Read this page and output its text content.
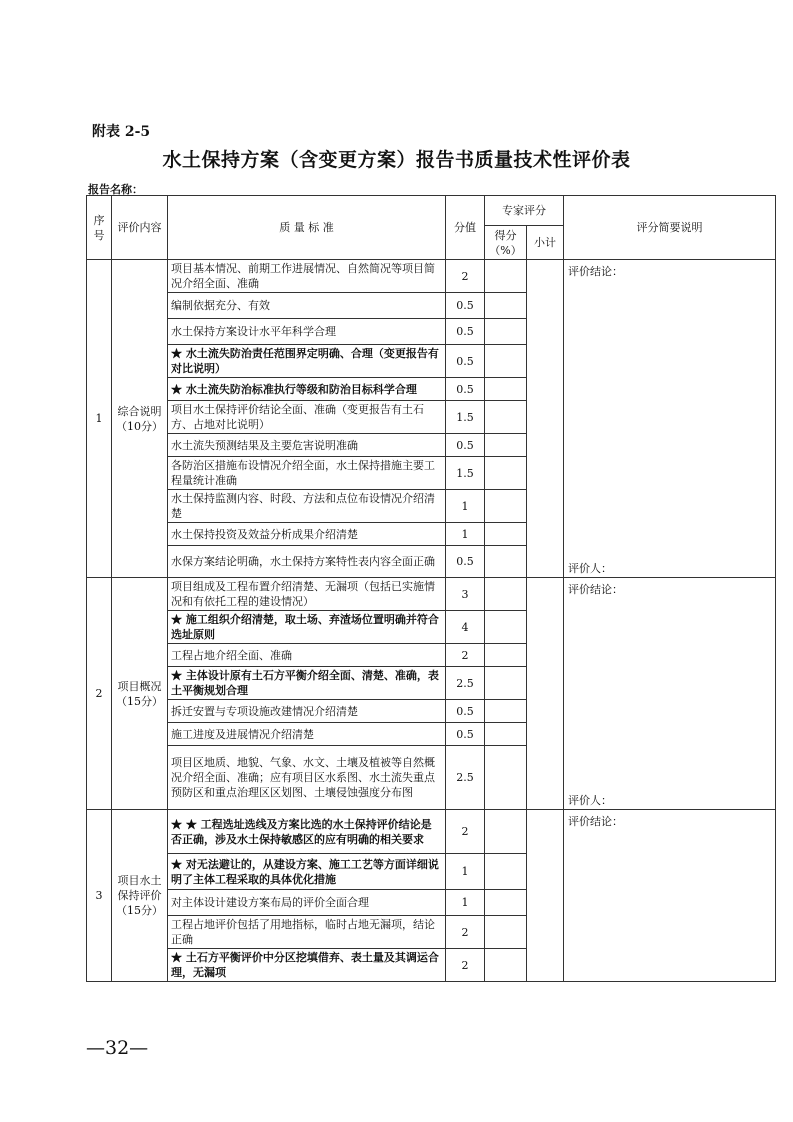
附表 2-5
水土保持方案（含变更方案）报告书质量技术性评价表
报告名称：
序号	评价内容	质 量 标 准	分值	专家评分		评分简要说明
				得分（%）	小计	
1	综合说明（10分）	项目基本情况、前期工作进展情况、自然简况等项目简况介绍全面、准确	2			评价结论：
评价人：

		编制依据充分、有效	0.5			
		水土保持方案设计水平年科学合理	0.5			
		★ 水土流失防治责任范围界定明确、合理（变更报告有对比说明）	0.5			
		★ 水土流失防治标准执行等级和防治目标科学合理	0.5			
		项目水土保持评价结论全面、准确（变更报告有土石方、占地对比说明）	1.5			
		水土流失预测结果及主要危害说明准确	0.5			
		各防治区措施布设情况介绍全面，水土保持措施主要工程量统计准确	1.5			
		水土保持监测内容、时段、方法和点位布设情况介绍清楚	1			
		水土保持投资及效益分析成果介绍清楚	1			
		水保方案结论明确，水土保持方案特性表内容全面正确	0.5			
2	项目概况（15分）	项目组成及工程布置介绍清楚、无漏项（包括已实施情况和有依托工程的建设情况）	3			评价结论：
评价人：

		★ 施工组织介绍清楚，取土场、弃渣场位置明确并符合选址原则	4			
		工程占地介绍全面、准确	2			
		★ 主体设计原有土石方平衡介绍全面、清楚、准确，表土平衡规划合理	2.5			
		拆迁安置与专项设施改建情况介绍清楚	0.5			
		施工进度及进展情况介绍清楚	0.5			
		项目区地质、地貌、气象、水文、土壤及植被等自然概况介绍全面、准确；应有项目区水系图、水土流失重点预防区和重点治理区区划图、土壤侵蚀强度分布图	2.5			
3	项目水土保持评价（15分）	★ ★ 工程选址选线及方案比选的水土保持评价结论是否正确，涉及水土保持敏感区的应有明确的相关要求	2			评价结论：

		★ 对无法避让的，从建设方案、施工工艺等方面详细说明了主体工程采取的具体优化措施	1			
		对主体设计建设方案布局的评价全面合理	1			
		工程占地评价包括了用地指标，临时占地无漏项，结论正确	2			
		★ 土石方平衡评价中分区挖填借弃、表土量及其调运合理，无漏项	2			
—32—
